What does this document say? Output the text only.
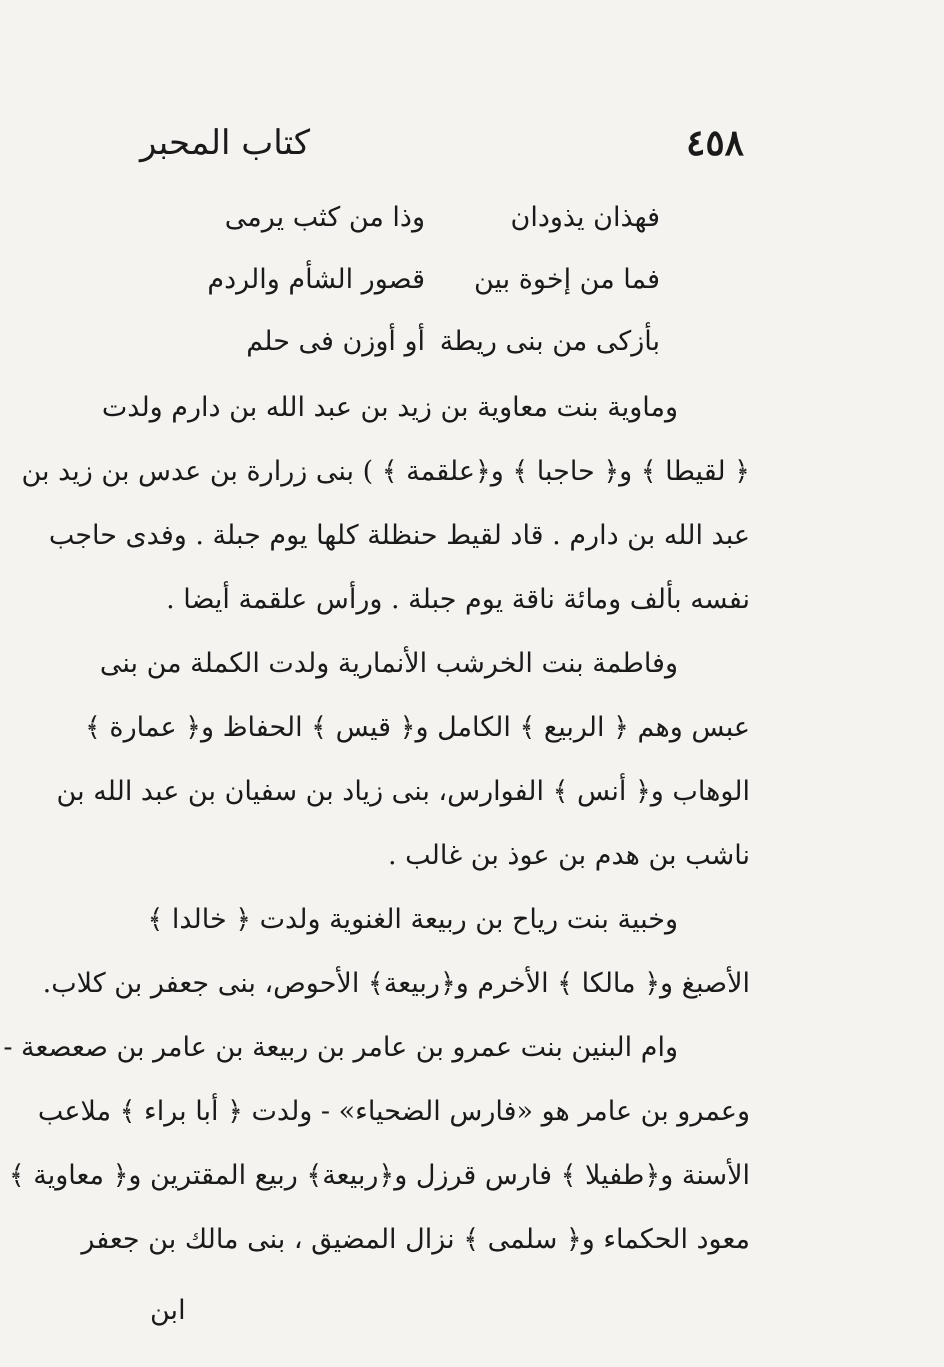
كتاب المحبر	٤٥٨
فهذان يذودان
وذا من كثب يرمى
فما من إخوة بين
قصور الشأم والردم
بأزكى من بنى ريطة
أو أوزن فى حلم
وماوية بنت معاوية بن زيد بن عبد الله بن دارم ولدت
﴿ لقيطا ﴾ و﴿ حاجبا ﴾ و﴿علقمة ﴾ ) بنى زرارة بن عدس بن زيد بن
عبد الله بن دارم . قاد لقيط حنظلة كلها يوم جبلة . وفدى حاجب
نفسه بألف ومائة ناقة يوم جبلة . ورأس علقمة أيضا .
وفاطمة بنت الخرشب الأنمارية ولدت الكملة من بنى
عبس وهم ﴿ الربيع ﴾ الكامل و﴿ قيس ﴾ الحفاظ و﴿ عمارة ﴾
الوهاب و﴿ أنس ﴾ الفوارس، بنى زياد بن سفيان بن عبد الله بن
ناشب بن هدم بن عوذ بن غالب .
وخبية بنت رياح بن ربيعة الغنوية ولدت ﴿ خالدا ﴾
الأصبغ و﴿ مالكا ﴾ الأخرم و﴿ربيعة﴾ الأحوص، بنى جعفر بن كلاب.
وام البنين بنت عمرو بن عامر بن ربيعة بن عامر بن صعصعة -
وعمرو بن عامر هو «فارس الضحياء» - ولدت ﴿ أبا براء ﴾ ملاعب
الأسنة و﴿طفيلا ﴾ فارس قرزل و﴿ربيعة﴾ ربيع المقترين و﴿ معاوية ﴾
معود الحكماء و﴿ سلمى ﴾ نزال المضيق ، بنى مالك بن جعفر
ابن
